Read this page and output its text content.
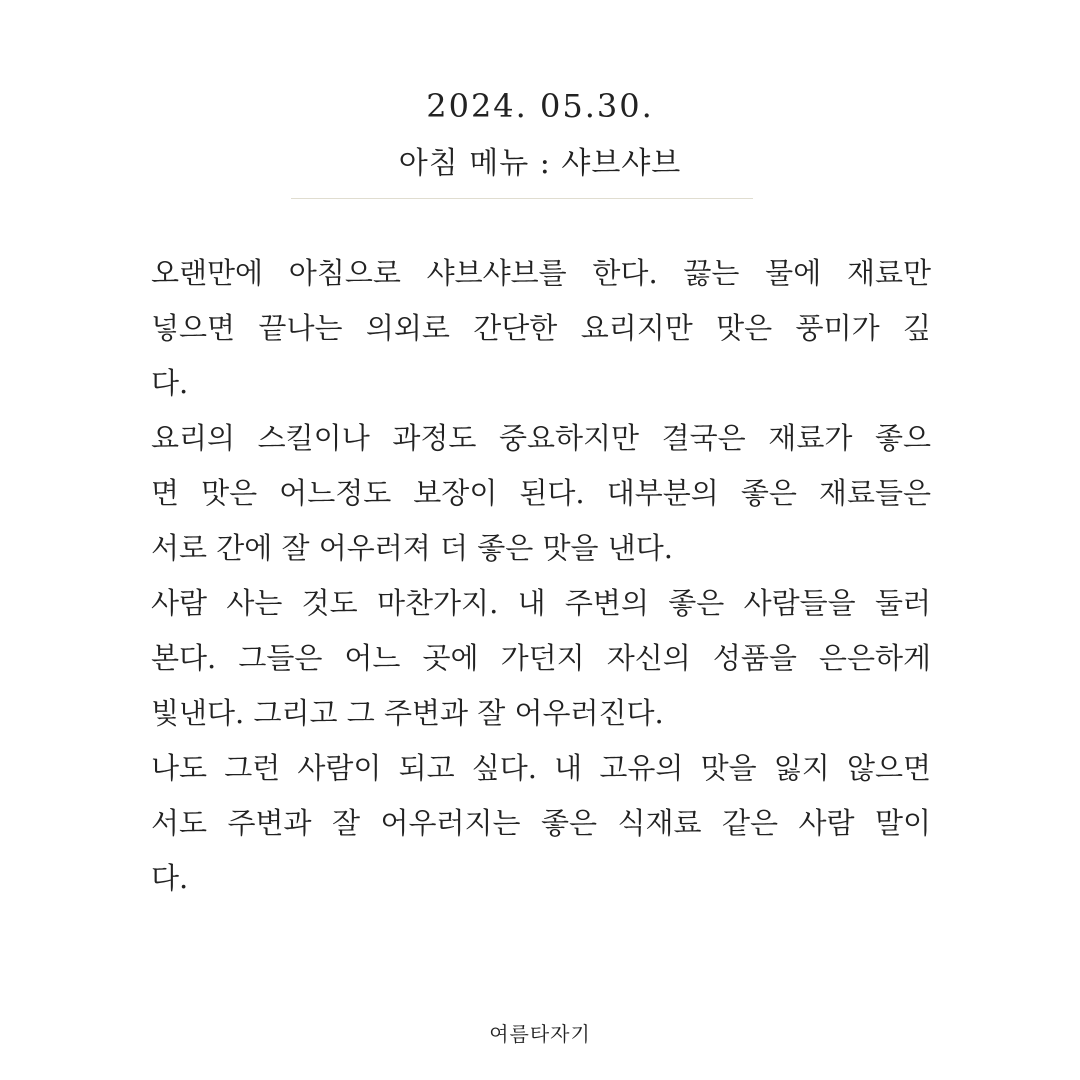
2024. 05.30.
아침 메뉴 : 샤브샤브
오랜만에 아침으로 샤브샤브를 한다. 끓는 물에 재료만
넣으면 끝나는 의외로 간단한 요리지만 맛은 풍미가 깊
다.
요리의 스킬이나 과정도 중요하지만 결국은 재료가 좋으
면 맛은 어느정도 보장이 된다. 대부분의 좋은 재료들은
서로 간에 잘 어우러져 더 좋은 맛을 낸다.
사람 사는 것도 마찬가지. 내 주변의 좋은 사람들을 둘러
본다. 그들은 어느 곳에 가던지 자신의 성품을 은은하게
빛낸다. 그리고 그 주변과 잘 어우러진다.
나도 그런 사람이 되고 싶다. 내 고유의 맛을 잃지 않으면
서도 주변과 잘 어우러지는 좋은 식재료 같은 사람 말이
다.
여름타자기
